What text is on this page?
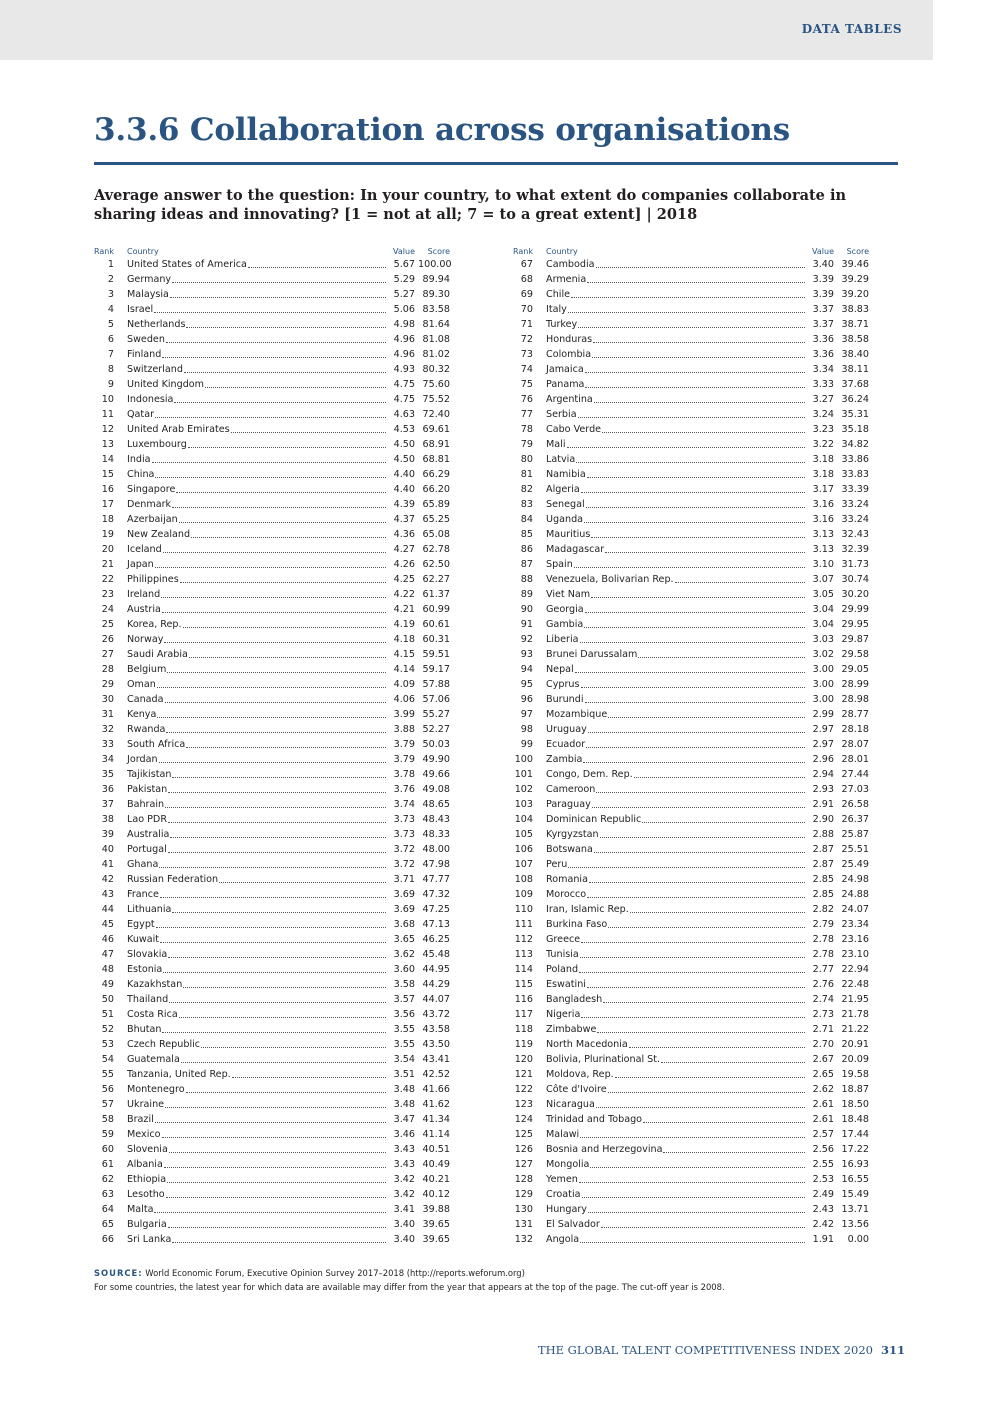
DATA TABLES
3.3.6 Collaboration across organisations

Average answer to the question: In your country, to what extent do companies collaborate in sharing ideas and innovating? [1 = not at all; 7 = to a great extent] | 2018

Rank Country	Value	Score
1 United States of America	5.67 100.00
2 Germany	5.29 89.94
3 Malaysia	5.27 89.30
4 Israel	5.06 83.58
5 Netherlands	4.98 81.64
6 Sweden	4.96 81.08
7 Finland	4.96 81.02
8 Switzerland	4.93 80.32
9 United Kingdom	4.75 75.60
10 Indonesia	4.75 75.52
11 Qatar	4.63 72.40
12 United Arab Emirates	4.53 69.61
13 Luxembourg	4.50 68.91
14 India	4.50 68.81
15 China	4.40 66.29
16 Singapore	4.40 66.20
17 Denmark	4.39 65.89
18 Azerbaijan	4.37 65.25
19 New Zealand	4.36 65.08
20 Iceland	4.27 62.78
21 Japan	4.26 62.50
22 Philippines	4.25 62.27
23 Ireland	4.22 61.37
24 Austria	4.21 60.99
25 Korea, Rep.	4.19 60.61
26 Norway	4.18 60.31
27 Saudi Arabia	4.15 59.51
28 Belgium	4.14 59.17
29 Oman	4.09 57.88
30 Canada	4.06 57.06
31 Kenya	3.99 55.27
32 Rwanda	3.88 52.27
33 South Africa	3.79 50.03
34 Jordan	3.79 49.90
35 Tajikistan	3.78 49.66
36 Pakistan	3.76 49.08
37 Bahrain	3.74 48.65
38 Lao PDR	3.73 48.43
39 Australia	3.73 48.33
40 Portugal	3.72 48.00
41 Ghana	3.72 47.98
42 Russian Federation	3.71 47.77
43 France	3.69 47.32
44 Lithuania	3.69 47.25
45 Egypt	3.68 47.13
46 Kuwait	3.65 46.25
47 Slovakia	3.62 45.48
48 Estonia	3.60 44.95
49 Kazakhstan	3.58 44.29
50 Thailand	3.57 44.07
51 Costa Rica	3.56 43.72
52 Bhutan	3.55 43.58
53 Czech Republic	3.55 43.50
54 Guatemala	3.54 43.41
55 Tanzania, United Rep.	3.51 42.52
56 Montenegro	3.48 41.66
57 Ukraine	3.48 41.62
58 Brazil	3.47 41.34
59 Mexico	3.46 41.14
60 Slovenia	3.43 40.51
61 Albania	3.43 40.49
62 Ethiopia	3.42 40.21
63 Lesotho	3.42 40.12
64 Malta	3.41 39.88
65 Bulgaria	3.40 39.65
66 Sri Lanka	3.40 39.65
Rank Country	Value	Score
67 Cambodia	3.40 39.46
68 Armenia	3.39 39.29
69 Chile	3.39 39.20
70 Italy	3.37 38.83
71 Turkey	3.37 38.71
72 Honduras	3.36 38.58
73 Colombia	3.36 38.40
74 Jamaica	3.34 38.11
75 Panama	3.33 37.68
76 Argentina	3.27 36.24
77 Serbia	3.24 35.31
78 Cabo Verde	3.23 35.18
79 Mali	3.22 34.82
80 Latvia	3.18 33.86
81 Namibia	3.18 33.83
82 Algeria	3.17 33.39
83 Senegal	3.16 33.24
84 Uganda	3.16 33.24
85 Mauritius	3.13 32.43
86 Madagascar	3.13 32.39
87 Spain	3.10 31.73
88 Venezuela, Bolivarian Rep.	3.07 30.74
89 Viet Nam	3.05 30.20
90 Georgia	3.04 29.99
91 Gambia	3.04 29.95
92 Liberia	3.03 29.87
93 Brunei Darussalam	3.02 29.58
94 Nepal	3.00 29.05
95 Cyprus	3.00 28.99
96 Burundi	3.00 28.98
97 Mozambique	2.99 28.77
98 Uruguay	2.97 28.18
99 Ecuador	2.97 28.07
100 Zambia	2.96 28.01
101 Congo, Dem. Rep.	2.94 27.44
102 Cameroon	2.93 27.03
103 Paraguay	2.91 26.58
104 Dominican Republic	2.90 26.37
105 Kyrgyzstan	2.88 25.87
106 Botswana	2.87 25.51
107 Peru	2.87 25.49
108 Romania	2.85 24.98
109 Morocco	2.85 24.88
110 Iran, Islamic Rep.	2.82 24.07
111 Burkina Faso	2.79 23.34
112 Greece	2.78 23.16
113 Tunisia	2.78 23.10
114 Poland	2.77 22.94
115 Eswatini	2.76 22.48
116 Bangladesh	2.74 21.95
117 Nigeria	2.73 21.78
118 Zimbabwe	2.71 21.22
119 North Macedonia	2.70 20.91
120 Bolivia, Plurinational St.	2.67 20.09
121 Moldova, Rep.	2.65 19.58
122 Côte d'Ivoire	2.62 18.87
123 Nicaragua	2.61 18.50
124 Trinidad and Tobago	2.61 18.48
125 Malawi	2.57 17.44
126 Bosnia and Herzegovina	2.56 17.22
127 Mongolia	2.55 16.93
128 Yemen	2.53 16.55
129 Croatia	2.49 15.49
130 Hungary	2.43 13.71
131 El Salvador	2.42 13.56
132 Angola	1.91	0.00
SOURCE: World Economic Forum, Executive Opinion Survey 2017–2018 (http://reports.weforum.org)
For some countries, the latest year for which data are available may differ from the year that appears at the top of the page. The cut-off year is 2008.
THE GLOBAL TALENT COMPETITIVENESS INDEX 2020 311
